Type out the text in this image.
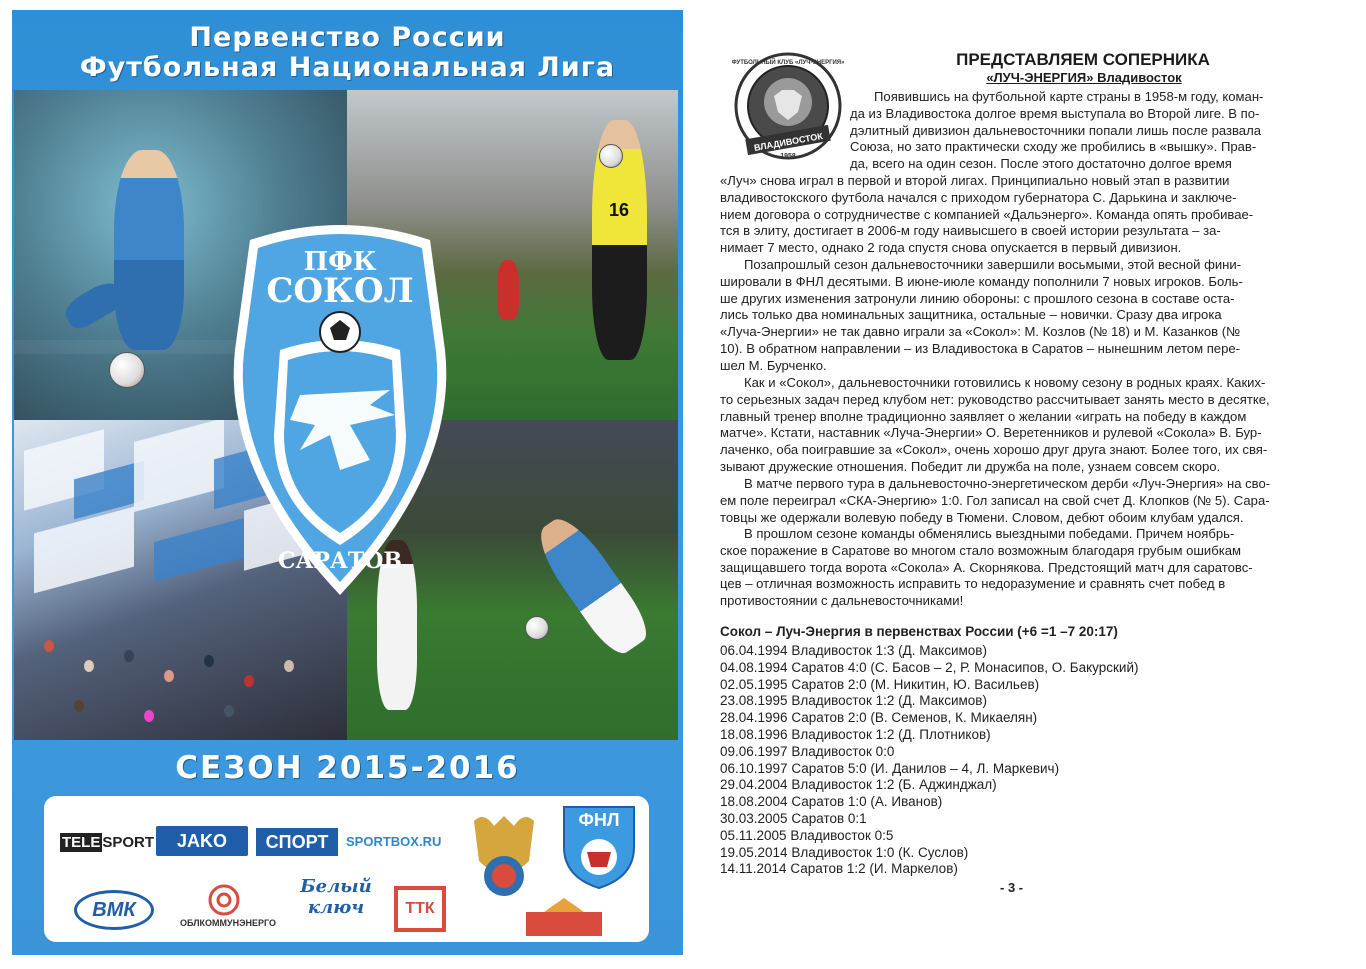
Первенство России
Футбольная Национальная Лига
16
ПФК
СОКОЛ
САРАТОВ
СЕЗОН 2015-2016
TELE SPORT	JAKO	СПОРТ	SPORTBOX.RU
ФНЛ
ВМК
ОБЛКОММУНЭНЕРГО
Белый
ключ	ТТК
ВЛАДИВОСТОК
1958
ФУТБОЛЬНЫЙ КЛУБ «ЛУЧ-ЭНЕРГИЯ»	ПРЕДСТАВЛЯЕМ СОПЕРНИКА
«ЛУЧ-ЭНЕРГИЯ» Владивосток
Появившись на футбольной карте страны в 1958-м году, коман-
да из Владивостока долгое время выступала во Второй лиге. В по-
дэлитный дивизион дальневосточники попали лишь после развала
Союза, но зато практически сходу же пробились в «вышку». Прав-
да, всего на один сезон. После этого достаточно долгое время
«Луч» снова играл в первой и второй лигах. Принципиально новый этап в развитии
владивостокского футбола начался с приходом губернатора С. Дарькина и заключе-
нием договора о сотрудничестве с компанией «Дальэнерго». Команда опять пробивае-
тся в элиту, достигает в 2006-м году наивысшего в своей истории результата – за-
нимает 7 место, однако 2 года спустя снова опускается в первый дивизион.
Позапрошлый сезон дальневосточники завершили восьмыми, этой весной фини-
шировали в ФНЛ десятыми. В июне-июле команду пополнили 7 новых игроков. Боль-
ше других изменения затронули линию обороны: с прошлого сезона в составе оста-
лись только два номинальных защитника, остальные – новички. Сразу два игрока
«Луча-Энергии» не так давно играли за «Сокол»: М. Козлов (№ 18) и М. Казанков (№
10). В обратном направлении – из Владивостока в Саратов – нынешним летом пере-
шел М. Бурченко.
Как и «Сокол», дальневосточники готовились к новому сезону в родных краях. Каких-
то серьезных задач перед клубом нет: руководство рассчитывает занять место в десятке,
главный тренер вполне традиционно заявляет о желании «играть на победу в каждом
матче». Кстати, наставник «Луча-Энергии» О. Веретенников и рулевой «Сокола» В. Бур-
лаченко, оба поигравшие за «Сокол», очень хорошо друг друга знают. Более того, их свя-
зывают дружеские отношения. Победит ли дружба на поле, узнаем совсем скоро.
В матче первого тура в дальневосточно-энергетическом дерби «Луч-Энергия» на сво-
ем поле переиграл «СКА-Энергию» 1:0. Гол записал на свой счет Д. Клопков (№ 5). Сара-
товцы же одержали волевую победу в Тюмени. Словом, дебют обоим клубам удался.
В прошлом сезоне команды обменялись выездными победами. Причем ноябрь-
ское поражение в Саратове во многом стало возможным благодаря грубым ошибкам
защищавшего тогда ворота «Сокола» А. Скорнякова. Предстоящий матч для саратовс-
цев – отличная возможность исправить то недоразумение и сравнять счет побед в
противостоянии с дальневосточниками!
Сокол – Луч-Энергия в первенствах России (+6 =1 –7 20:17)
06.04.1994 Владивосток 1:3 (Д. Максимов)
04.08.1994 Саратов 4:0 (С. Басов – 2, Р. Монасипов, О. Бакурский)
02.05.1995 Саратов 2:0 (М. Никитин, Ю. Васильев)
23.08.1995 Владивосток 1:2 (Д. Максимов)
28.04.1996 Саратов 2:0 (В. Семенов, К. Микаелян)
18.08.1996 Владивосток 1:2 (Д. Плотников)
09.06.1997 Владивосток 0:0
06.10.1997 Саратов 5:0 (И. Данилов – 4, Л. Маркевич)
29.04.2004 Владивосток 1:2 (Б. Аджинджал)
18.08.2004 Саратов 1:0 (А. Иванов)
30.03.2005 Саратов 0:1
05.11.2005 Владивосток 0:5
19.05.2014 Владивосток 1:0 (К. Суслов)
14.11.2014 Саратов 1:2 (И. Маркелов)
- 3 -
